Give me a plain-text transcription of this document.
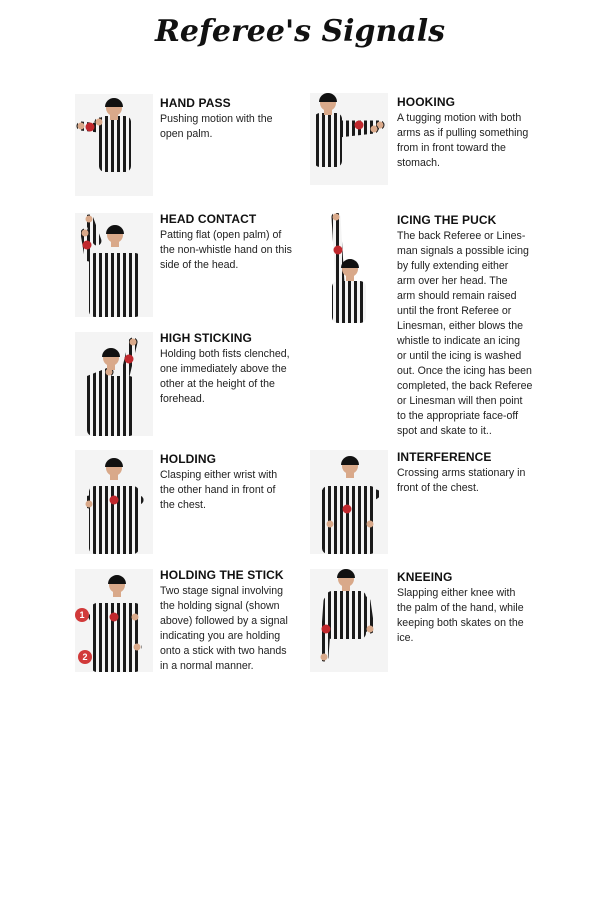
Referee's Signals

HAND PASS

Pushing motion with the
open palm.

HEAD CONTACT

Patting flat (open palm) of
the non-whistle hand on this
side of the head.

HIGH STICKING

Holding both fists clenched,
one immediately above the
other at the height of the
forehead.

HOLDING

Clasping either wrist with
the other hand in front of
the chest.

1
2

HOLDING THE STICK

Two stage signal involving
the holding signal (shown
above) followed by a signal
indicating you are holding
onto a stick with two hands
in a normal manner.

HOOKING

A tugging motion with both
arms as if pulling something
from in front toward the
stomach.

ICING THE PUCK

The back Referee or Lines-
man signals a possible icing
by fully extending either
arm over her head. The
arm should remain raised
until the front Referee or
Linesman, either blows the
whistle to indicate an icing
or until the icing is washed
out. Once the icing has been
completed, the back Referee
or Linesman will then point
to the appropriate face-off
spot and skate to it..

INTERFERENCE

Crossing arms stationary in
front of the chest.

KNEEING

Slapping either knee with
the palm of the hand, while
keeping both skates on the
ice.
